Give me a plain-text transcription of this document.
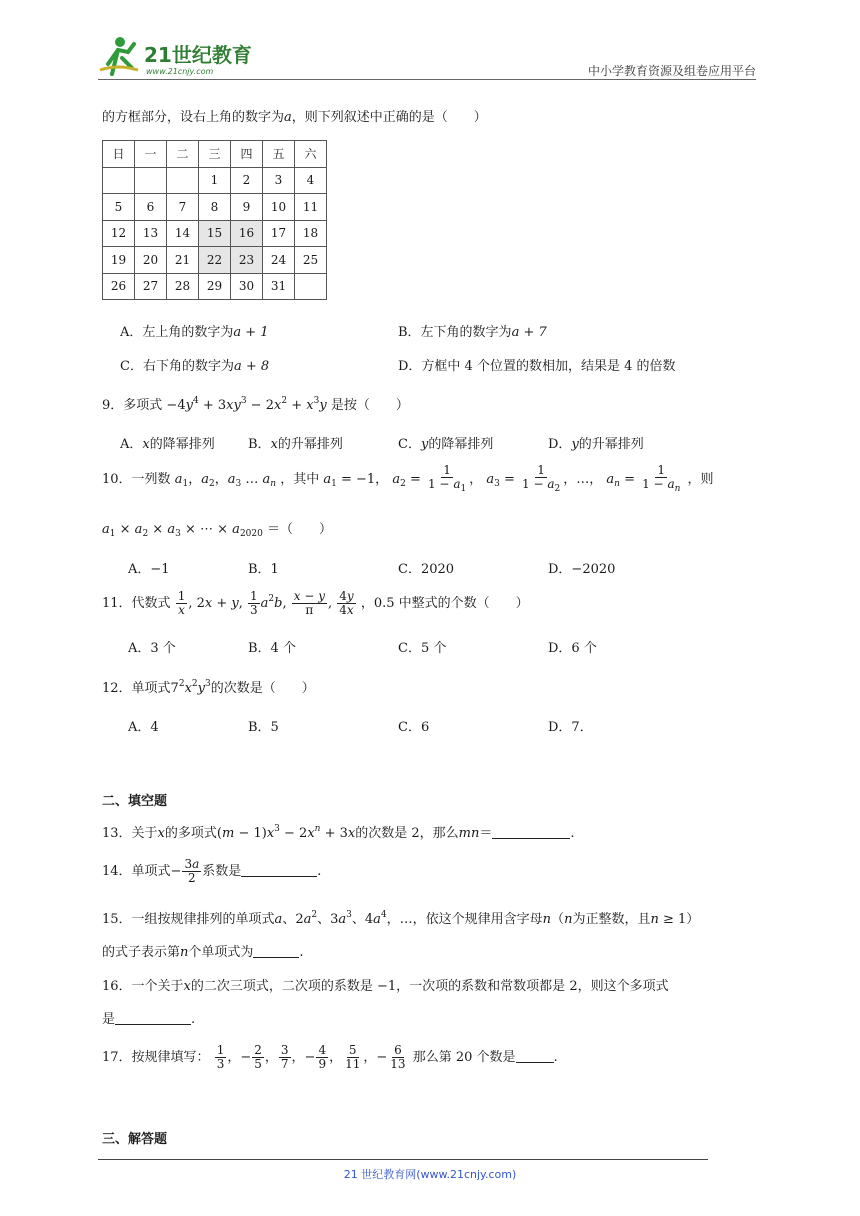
21世纪教育
www.21cnjy.com	中小学教育资源及组卷应用平台
的方框部分，设右上角的数字为a，则下列叙述中正确的是（　　）
日	一	二	三	四	五	六
			1	2	3	4
5	6	7	8	9	10	11
12	13	14	15	16	17	18
19	20	21	22	23	24	25
26	27	28	29	30	31	
A．左上角的数字为a + 1	B．左下角的数字为a + 7
C．右下角的数字为a + 8	D．方框中 4 个位置的数相加，结果是 4 的倍数
9．多项式 $-4y^4 + 3xy^3 - 2x^2 + x^3y$ 是按（　　）
A．x的降幂排列	B．x的升幂排列	C．y的降幂排列	D．y的升幂排列
10．一列数 $a_1$，$a_2$，$a_3$ … $a_n$ ，其中 $a_1 = -1$， $a_2 = \frac{1}{1 - a_1}$ ， $a_3 = \frac{1}{1 - a_2}$ ，…， $a_n = \frac{1}{1 - a_n}$ ，则
$a_1 \times a_2 \times a_3$ × ⋯ × $a_{2020}$ ＝（　　）
A．−1	B．1	C．2020	D．−2020
11．代数式 $\frac{1}{x}$ , 2x + y, $\frac{1}{3} a^2b$, $\frac{x - y}{\pi}$ , $\frac{4y}{4x}$ ，0.5 中整式的个数（　　）
A．3 个	B．4 个	C．5 个	D．6 个
12．单项式$7^2x^2y^3$的次数是（　　）
A．4	B．5	C．6	D．7．
二、填空题
13．关于x的多项式$(m - 1)x^3 - 2x^n + 3x$的次数是 2，那么mn＝	.
14．单项式− $\frac{3a}{2}$ 系数是	.
15．一组按规律排列的单项式a、$2a^2$、$3a^3$、$4a^4$，…，依这个规律用含字母n（n为正整数，且n ≥ 1）
的式子表示第n个单项式为	.
16．一个关于x的二次三项式，二次项的系数是 −1，一次项的系数和常数项都是 2，则这个多项式
是	.
17．按规律填写： $\frac{1}{3}$ ，− $\frac{2}{5}$ ， $\frac{3}{7}$ ，− $\frac{4}{9}$ ， $\frac{5}{11}$ ，− $\frac{6}{13}$ 那么第 20 个数是	.
三、解答题
21 世纪教育网(www.21cnjy.com)
